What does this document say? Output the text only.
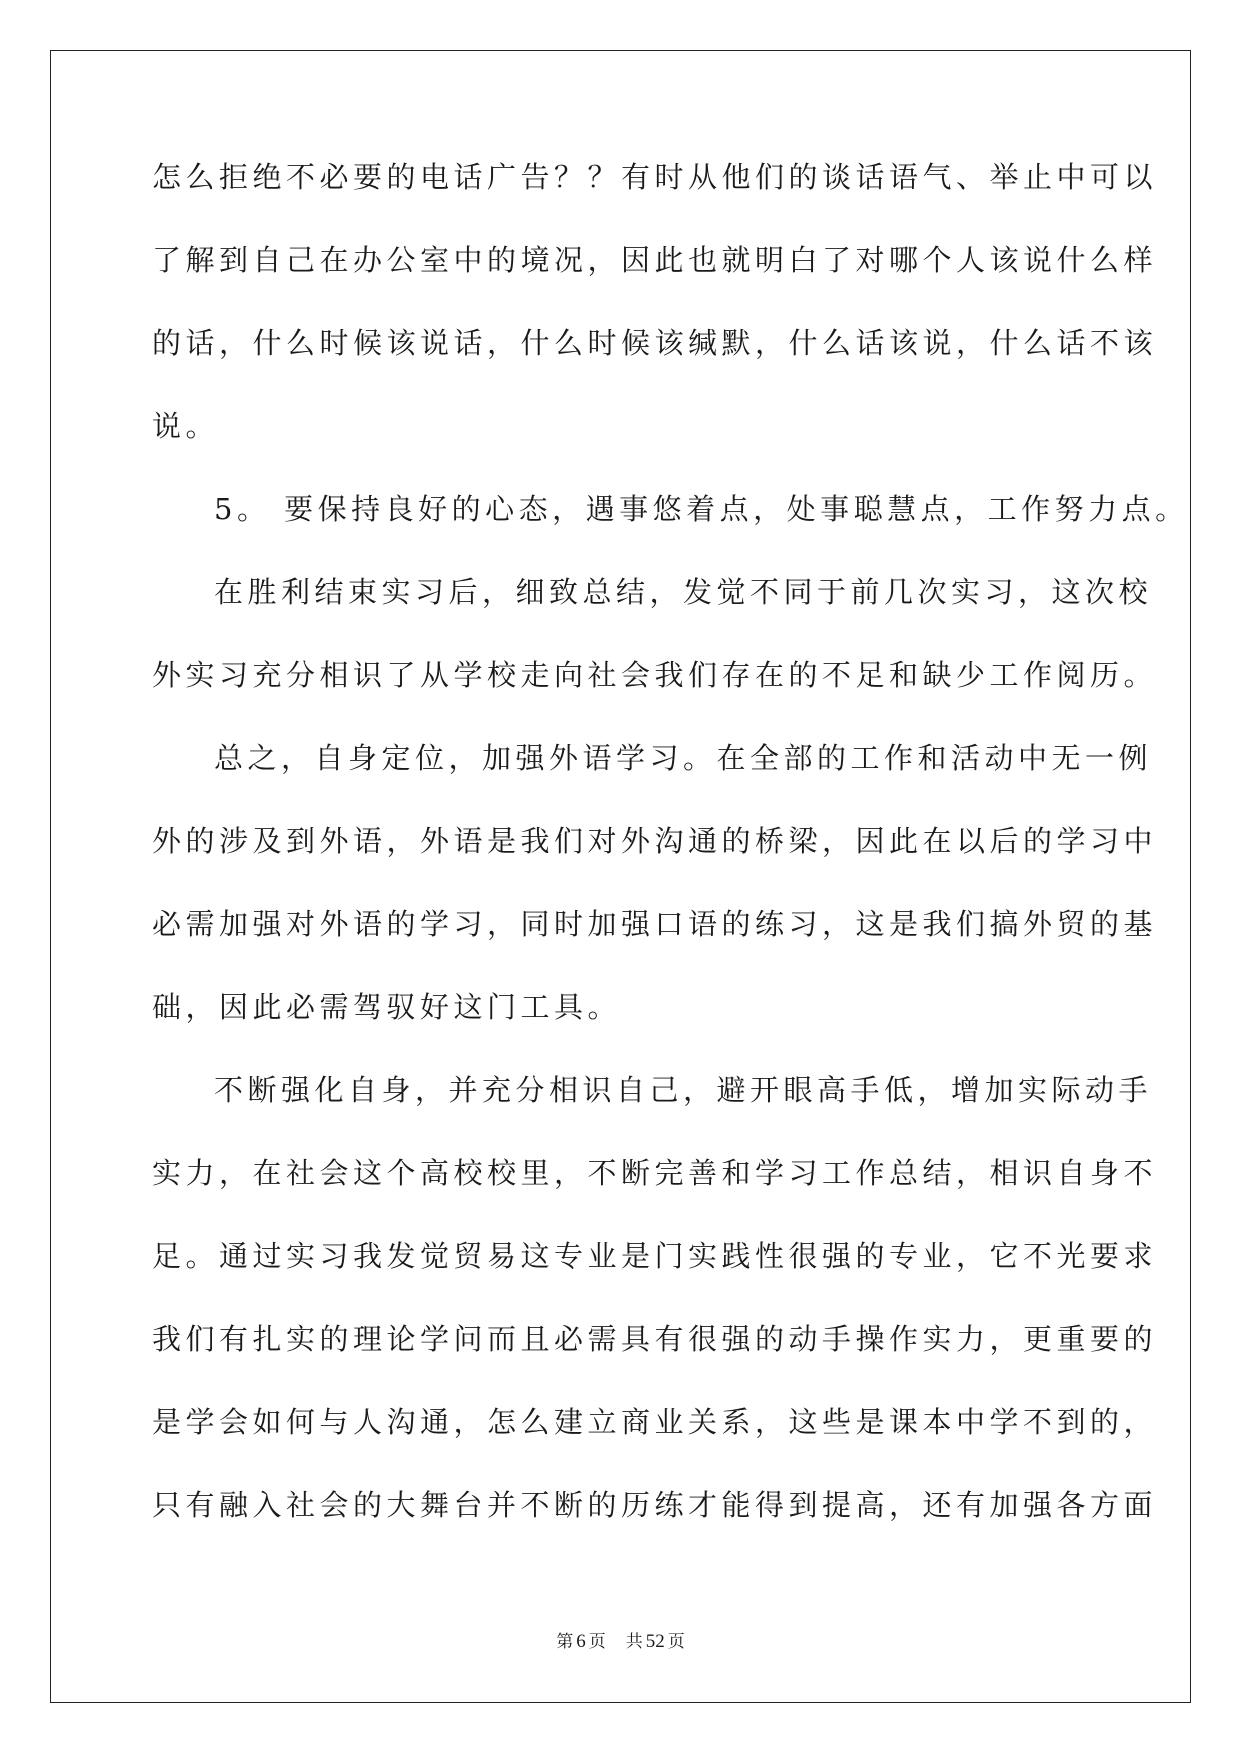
怎么拒绝不必要的电话广告？？有时从他们的谈话语气、举止中可以
了解到自己在办公室中的境况，因此也就明白了对哪个人该说什么样
的话，什么时候该说话，什么时候该缄默，什么话该说，什么话不该
说。
5。 要保持良好的心态，遇事悠着点，处事聪慧点，工作努力点。
在胜利结束实习后，细致总结，发觉不同于前几次实习，这次校
外实习充分相识了从学校走向社会我们存在的不足和缺少工作阅历。
总之，自身定位，加强外语学习。在全部的工作和活动中无一例
外的涉及到外语，外语是我们对外沟通的桥梁，因此在以后的学习中
必需加强对外语的学习，同时加强口语的练习，这是我们搞外贸的基
础，因此必需驾驭好这门工具。
不断强化自身，并充分相识自己，避开眼高手低，增加实际动手
实力，在社会这个高校校里，不断完善和学习工作总结，相识自身不
足。通过实习我发觉贸易这专业是门实践性很强的专业，它不光要求
我们有扎实的理论学问而且必需具有很强的动手操作实力，更重要的
是学会如何与人沟通，怎么建立商业关系，这些是课本中学不到的，
只有融入社会的大舞台并不断的历练才能得到提高，还有加强各方面
第 6 页 共 52 页
